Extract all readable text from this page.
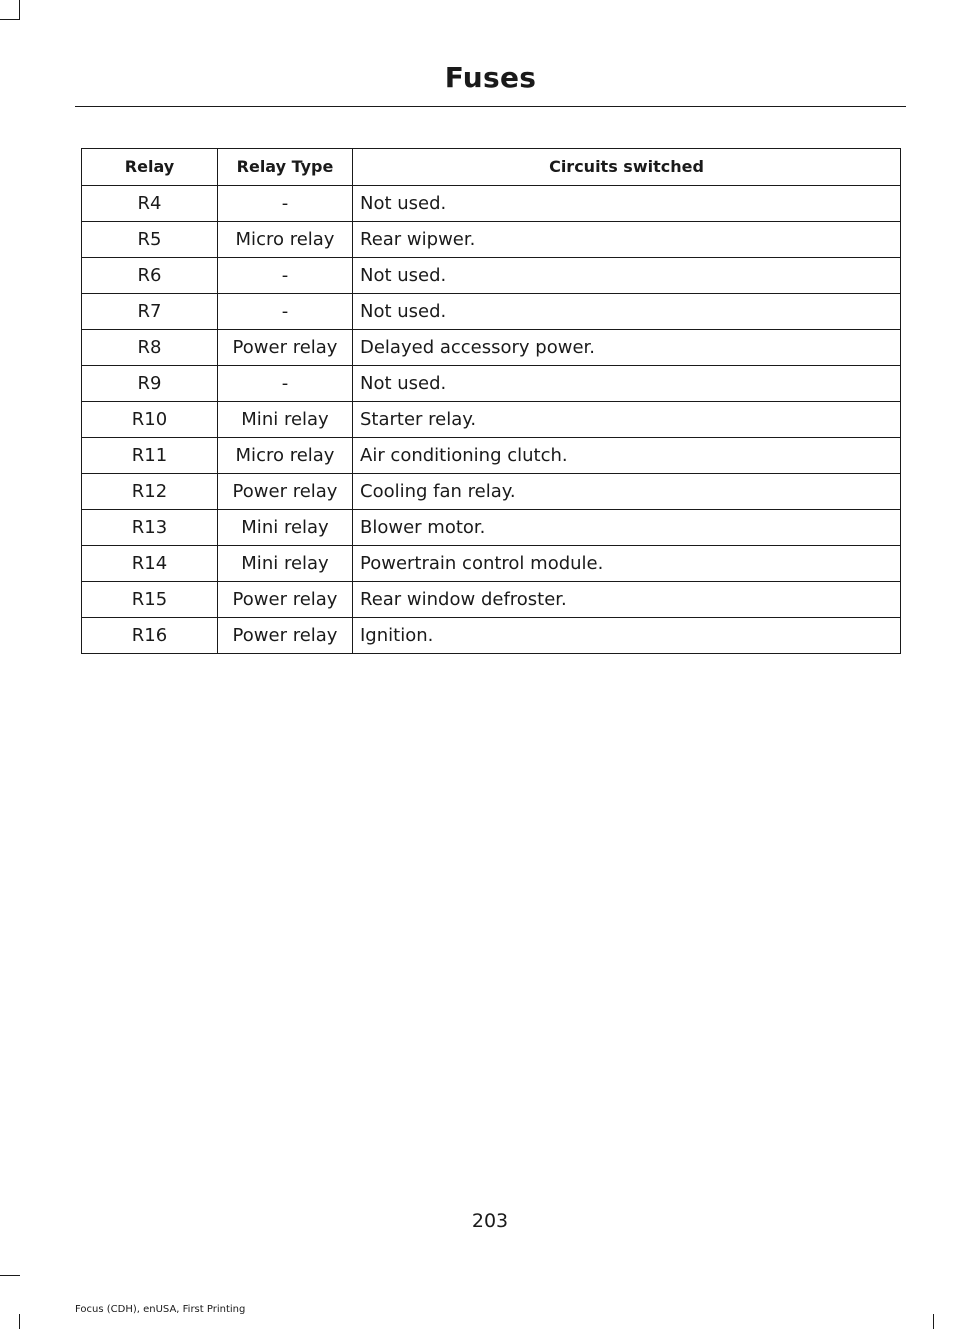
Fuses
Relay	Relay Type	Circuits switched
R4	-	Not used.
R5	Micro relay	Rear wipwer.
R6	-	Not used.
R7	-	Not used.
R8	Power relay	Delayed accessory power.
R9	-	Not used.
R10	Mini relay	Starter relay.
R11	Micro relay	Air conditioning clutch.
R12	Power relay	Cooling fan relay.
R13	Mini relay	Blower motor.
R14	Mini relay	Powertrain control module.
R15	Power relay	Rear window defroster.
R16	Power relay	Ignition.
203
Focus (CDH), enUSA, First Printing
